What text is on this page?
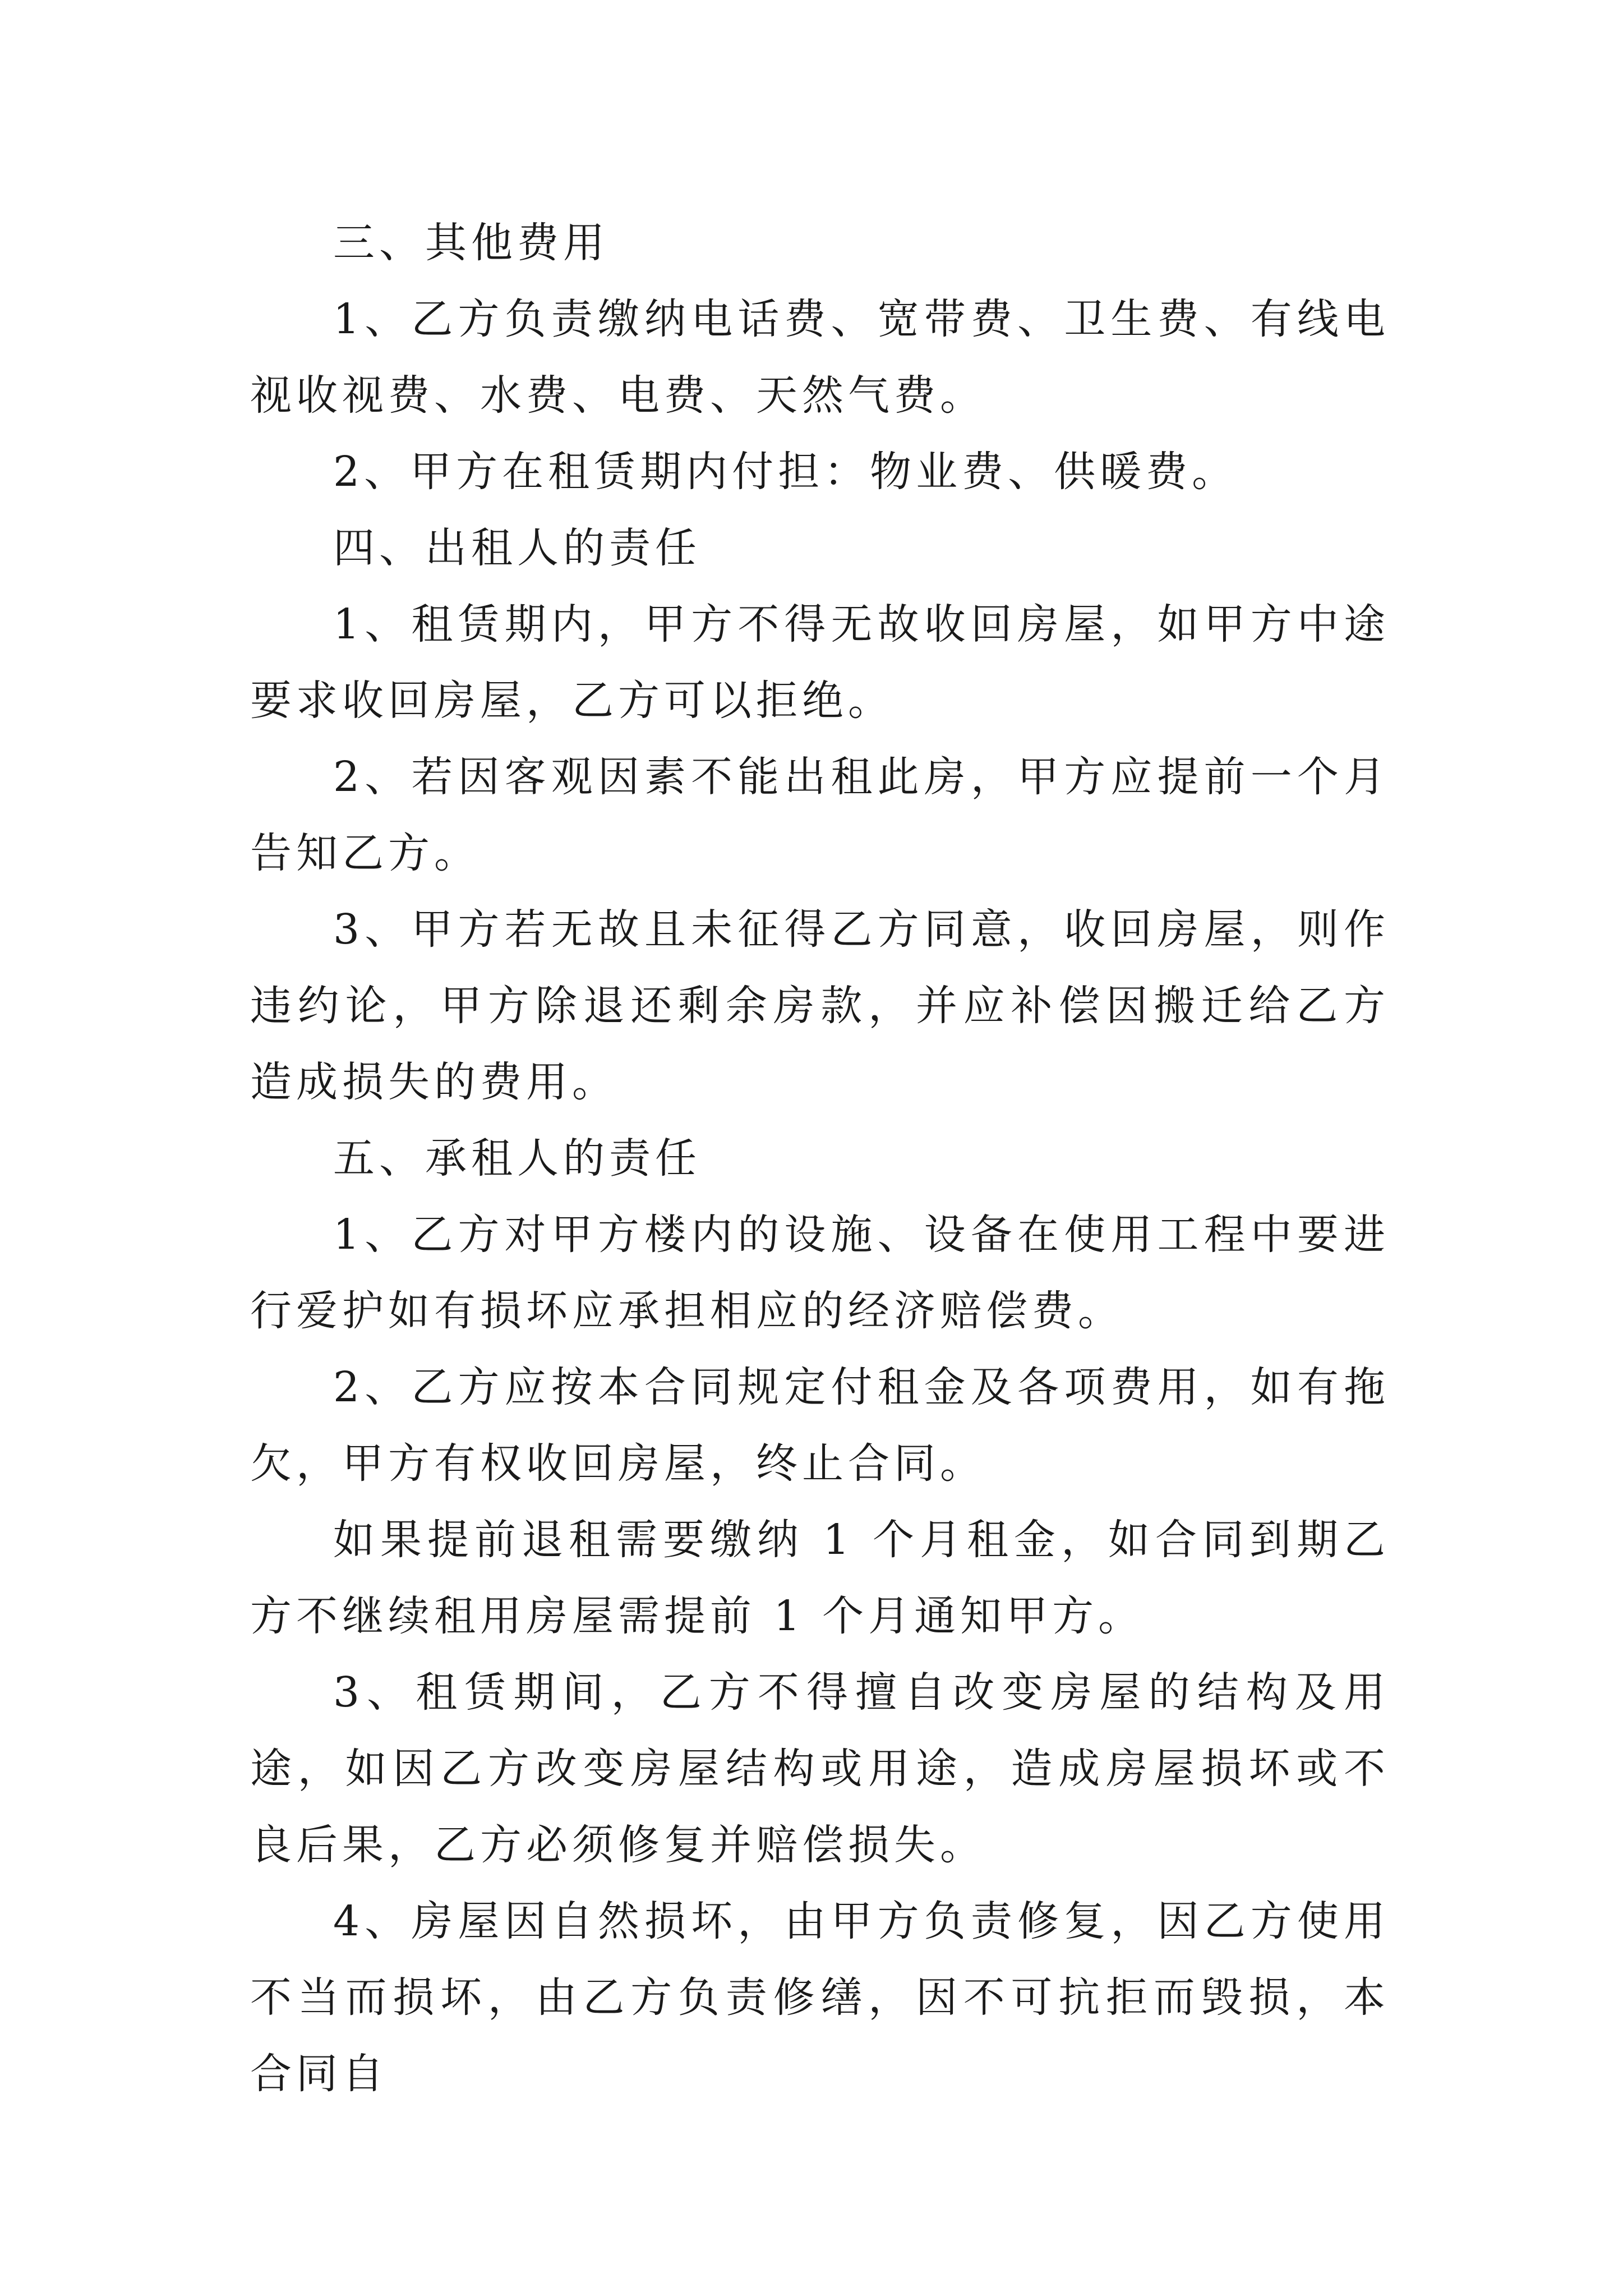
三、其他费用

1、乙方负责缴纳电话费、宽带费、卫生费、有线电视收视费、水费、电费、天然气费。

2、甲方在租赁期内付担：物业费、供暖费。

四、出租人的责任

1、租赁期内，甲方不得无故收回房屋，如甲方中途要求收回房屋，乙方可以拒绝。

2、若因客观因素不能出租此房，甲方应提前一个月告知乙方。

3、甲方若无故且未征得乙方同意，收回房屋，则作违约论，甲方除退还剩余房款，并应补偿因搬迁给乙方造成损失的费用。

五、承租人的责任

1、乙方对甲方楼内的设施、设备在使用工程中要进行爱护如有损坏应承担相应的经济赔偿费。

2、乙方应按本合同规定付租金及各项费用，如有拖欠，甲方有权收回房屋，终止合同。

如果提前退租需要缴纳 1 个月租金，如合同到期乙方不继续租用房屋需提前 1 个月通知甲方。

3、租赁期间，乙方不得擅自改变房屋的结构及用途，如因乙方改变房屋结构或用途，造成房屋损坏或不良后果，乙方必须修复并赔偿损失。

4、房屋因自然损坏，由甲方负责修复，因乙方使用不当而损坏，由乙方负责修缮，因不可抗拒而毁损，本合同自
